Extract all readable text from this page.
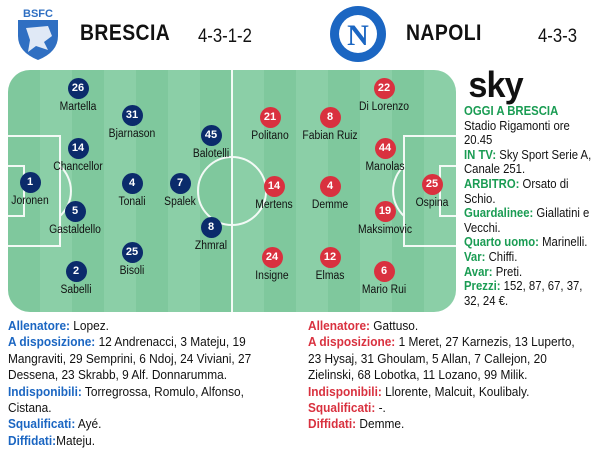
BSFC
BRESCIA 4-3-1-2	N NAPOLI	4-3-3
26
Martella
14
Chancellor
1
Joronen
5
Gastaldello
2
Sabelli
31
Bjarnason
4
Tonali
25
Bisoli
7
Spalek
45
Balotelli
8
Zhmral
21
Politano
14
Mertens
24
Insigne
8
Fabian Ruiz
4
Demme
12
Elmas
22
Di Lorenzo
44
Manolas
19
Maksimovic
6
Mario Rui
25
Ospina
sky
OGGI A BRESCIA
Stadio Rigamonti ore 20.45
IN TV: Sky Sport Serie A, Canale 251.
ARBITRO: Orsato di Schio.
Guardalinee: Giallatini e Vecchi.
Quarto uomo: Marinelli.
Var: Chiffi.
Avar: Preti.
Prezzi: 152, 87, 67, 37, 32, 24 €.
Allenatore: Lopez.
A disposizione: 12 Andrenacci, 3 Mateju, 19 Mangraviti, 29 Semprini, 6 Ndoj, 24 Viviani, 27 Dessena, 23 Skrabb, 9 Alf. Donnarumma.
Indisponibili: Torregrossa, Romulo, Alfonso, Cistana.
Squalificati: Ayé.
Diffidati:Mateju.
Allenatore: Gattuso.
A disposizione: 1 Meret, 27 Karnezis, 13 Luperto, 23 Hysaj, 31 Ghoulam, 5 Allan, 7 Callejon, 20 Zielinski, 68 Lobotka, 11 Lozano, 99 Milik.
Indisponibili: Llorente, Malcuit, Koulibaly.
Squalificati: -.
Diffidati: Demme.
